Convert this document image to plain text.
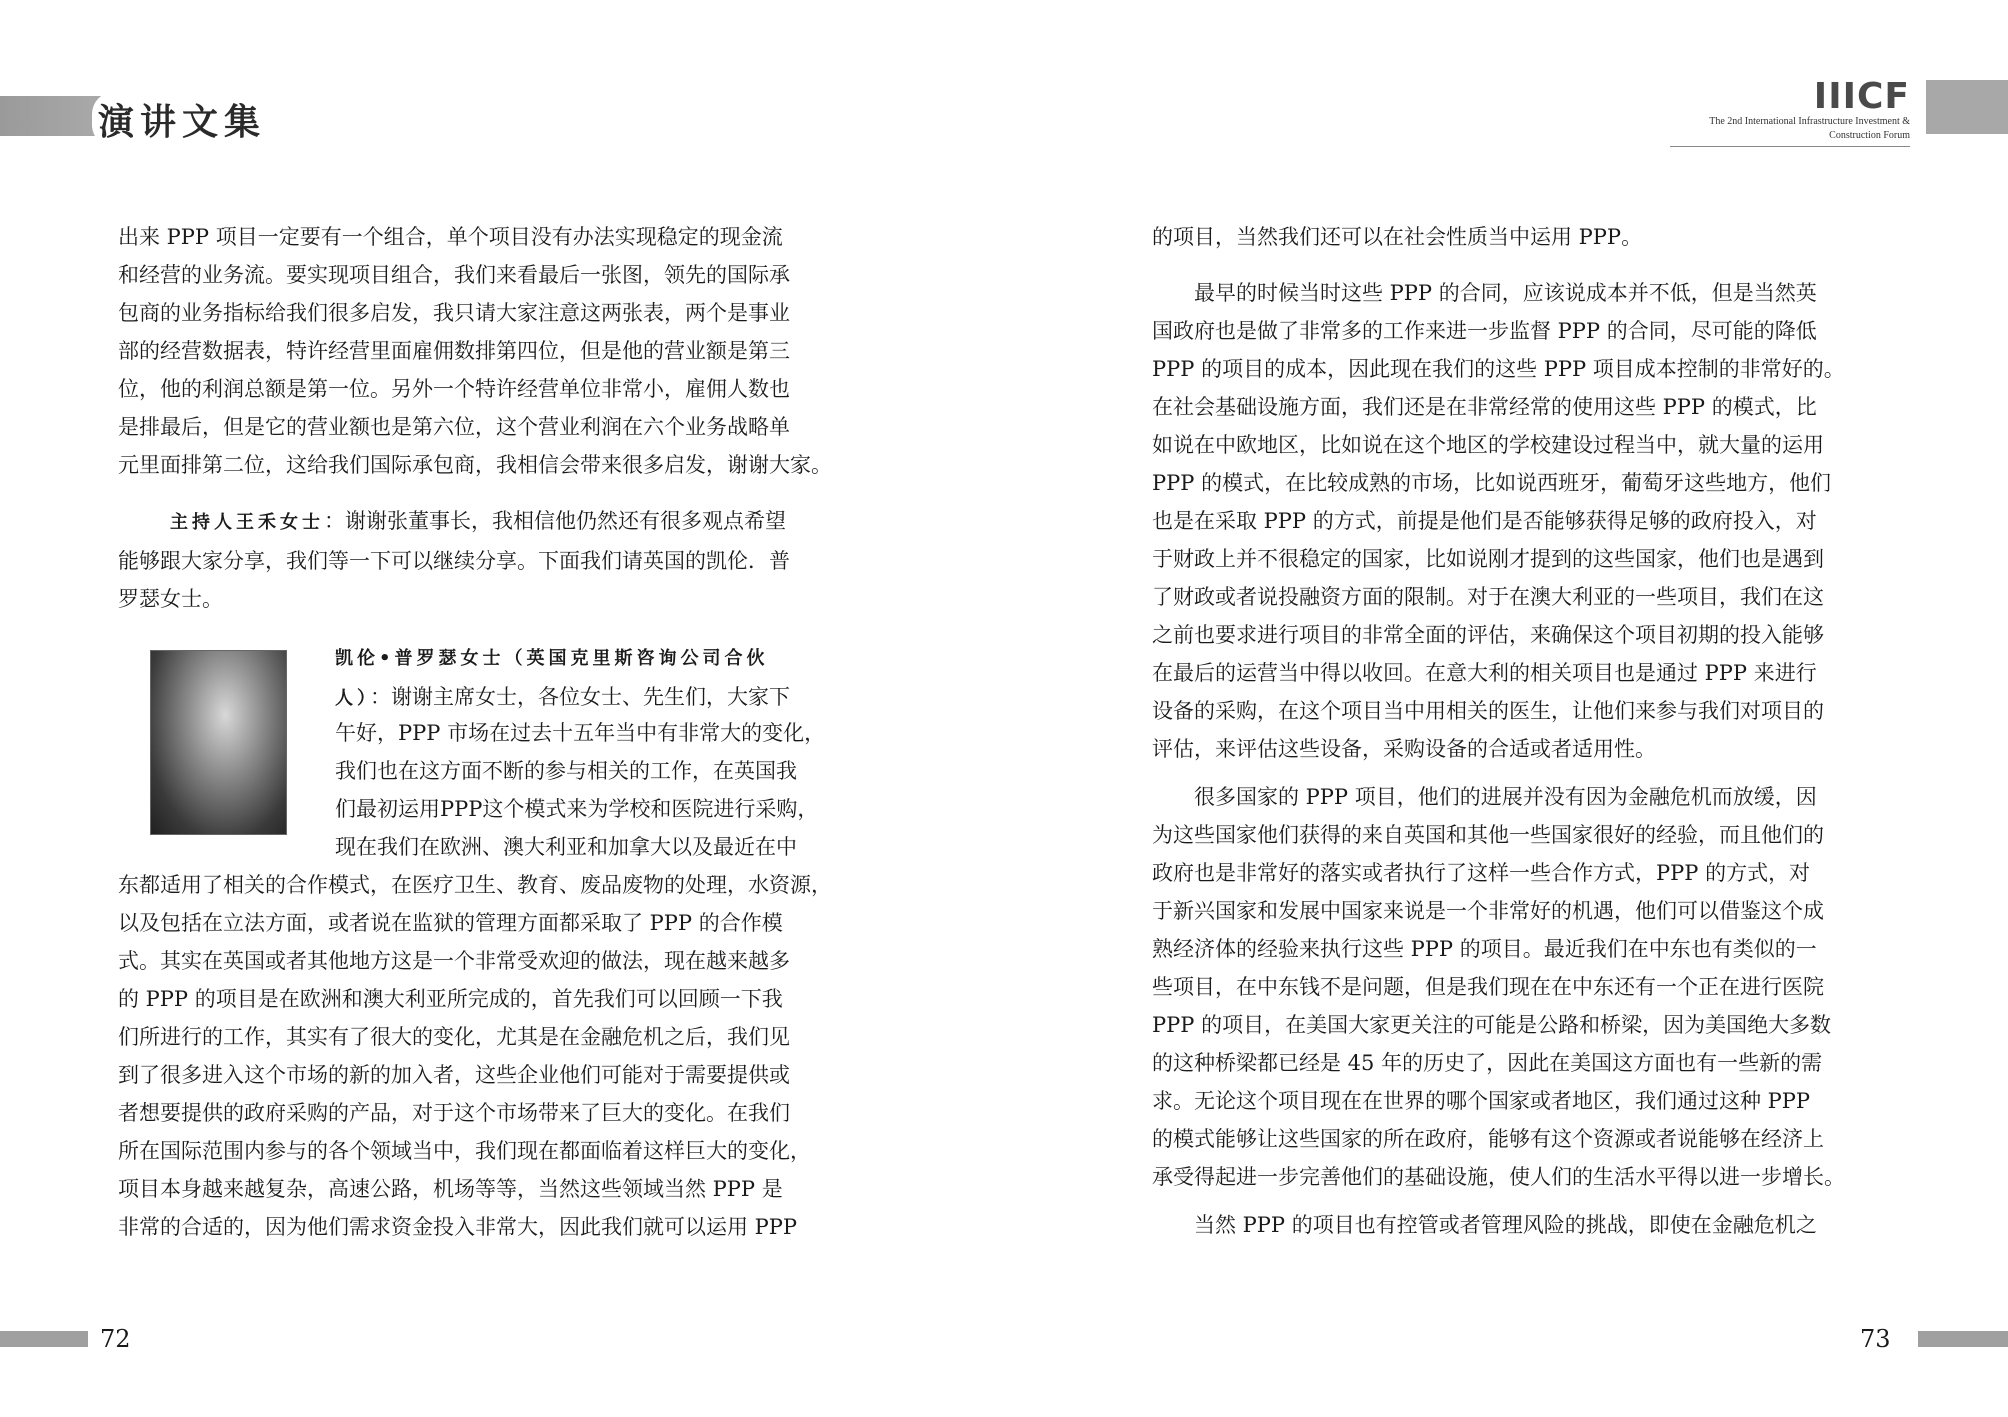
演讲文集
出来 PPP 项目一定要有一个组合，单个项目没有办法实现稳定的现金流
和经营的业务流。要实现项目组合，我们来看最后一张图，领先的国际承
包商的业务指标给我们很多启发，我只请大家注意这两张表，两个是事业
部的经营数据表，特许经营里面雇佣数排第四位，但是他的营业额是第三
位，他的利润总额是第一位。另外一个特许经营单位非常小，雇佣人数也
是排最后，但是它的营业额也是第六位，这个营业利润在六个业务战略单
元里面排第二位，这给我们国际承包商，我相信会带来很多启发，谢谢大家。
主持人王禾女士：谢谢张董事长，我相信他仍然还有很多观点希望
能够跟大家分享，我们等一下可以继续分享。下面我们请英国的凯伦．普
罗瑟女士。
凯伦•普罗瑟女士（英国克里斯咨询公司合伙
人）：谢谢主席女士，各位女士、先生们，大家下
午好，PPP 市场在过去十五年当中有非常大的变化，
我们也在这方面不断的参与相关的工作，在英国我
们最初运用PPP这个模式来为学校和医院进行采购，
现在我们在欧洲、澳大利亚和加拿大以及最近在中
东都适用了相关的合作模式，在医疗卫生、教育、废品废物的处理，水资源，
以及包括在立法方面，或者说在监狱的管理方面都采取了 PPP 的合作模
式。其实在英国或者其他地方这是一个非常受欢迎的做法，现在越来越多
的 PPP 的项目是在欧洲和澳大利亚所完成的，首先我们可以回顾一下我
们所进行的工作，其实有了很大的变化，尤其是在金融危机之后，我们见
到了很多进入这个市场的新的加入者，这些企业他们可能对于需要提供或
者想要提供的政府采购的产品，对于这个市场带来了巨大的变化。在我们
所在国际范围内参与的各个领域当中，我们现在都面临着这样巨大的变化，
项目本身越来越复杂，高速公路，机场等等，当然这些领域当然 PPP 是
非常的合适的，因为他们需求资金投入非常大，因此我们就可以运用 PPP
72
IIICF
The 2nd International Infrastructure Investment &
Construction Forum
的项目，当然我们还可以在社会性质当中运用 PPP。
　　最早的时候当时这些 PPP 的合同，应该说成本并不低，但是当然英
国政府也是做了非常多的工作来进一步监督 PPP 的合同，尽可能的降低
PPP 的项目的成本，因此现在我们的这些 PPP 项目成本控制的非常好的。
在社会基础设施方面，我们还是在非常经常的使用这些 PPP 的模式，比
如说在中欧地区，比如说在这个地区的学校建设过程当中，就大量的运用
PPP 的模式，在比较成熟的市场，比如说西班牙，葡萄牙这些地方，他们
也是在采取 PPP 的方式，前提是他们是否能够获得足够的政府投入，对
于财政上并不很稳定的国家，比如说刚才提到的这些国家，他们也是遇到
了财政或者说投融资方面的限制。对于在澳大利亚的一些项目，我们在这
之前也要求进行项目的非常全面的评估，来确保这个项目初期的投入能够
在最后的运营当中得以收回。在意大利的相关项目也是通过 PPP 来进行
设备的采购，在这个项目当中用相关的医生，让他们来参与我们对项目的
评估，来评估这些设备，采购设备的合适或者适用性。
　　很多国家的 PPP 项目，他们的进展并没有因为金融危机而放缓，因
为这些国家他们获得的来自英国和其他一些国家很好的经验，而且他们的
政府也是非常好的落实或者执行了这样一些合作方式，PPP 的方式，对
于新兴国家和发展中国家来说是一个非常好的机遇，他们可以借鉴这个成
熟经济体的经验来执行这些 PPP 的项目。最近我们在中东也有类似的一
些项目，在中东钱不是问题，但是我们现在在中东还有一个正在进行医院
PPP 的项目，在美国大家更关注的可能是公路和桥梁，因为美国绝大多数
的这种桥梁都已经是 45 年的历史了，因此在美国这方面也有一些新的需
求。无论这个项目现在在世界的哪个国家或者地区，我们通过这种 PPP
的模式能够让这些国家的所在政府，能够有这个资源或者说能够在经济上
承受得起进一步完善他们的基础设施，使人们的生活水平得以进一步增长。
　　当然 PPP 的项目也有控管或者管理风险的挑战，即使在金融危机之
73
